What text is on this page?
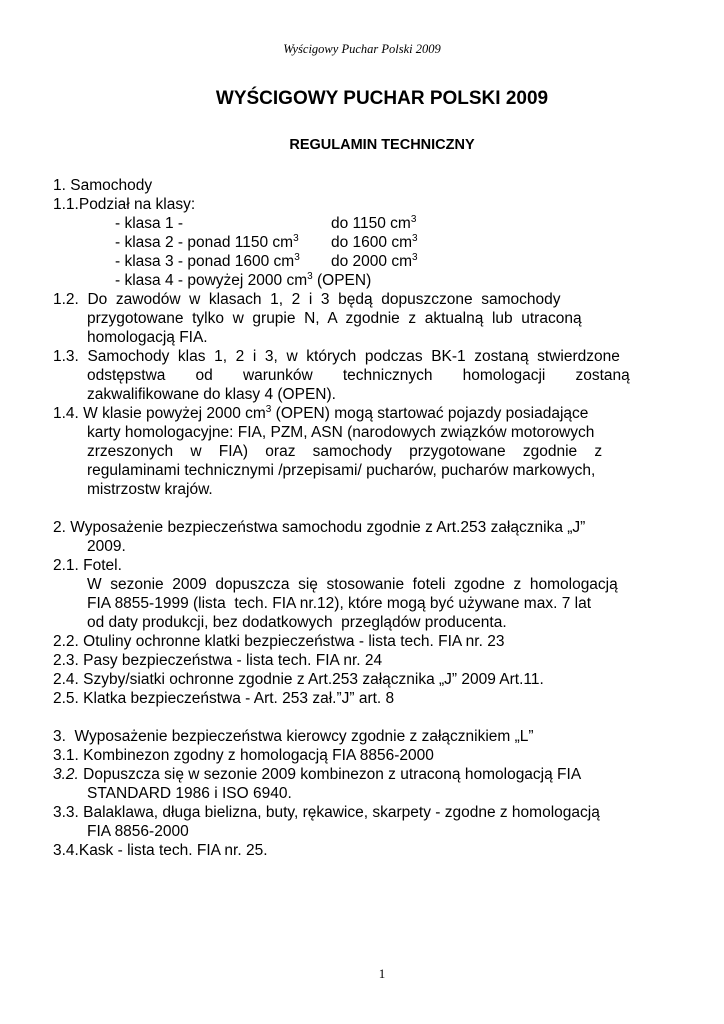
Wyścigowy Puchar Polski 2009
WYŚCIGOWY PUCHAR POLSKI 2009
REGULAMIN TECHNICZNY
1. Samochody
1.1.Podział na klasy:
- klasa 1 -	do 1150 $cm^3$
- klasa 2 - ponad 1150 $cm^3$ do 1600 $cm^3$
- klasa 3 - ponad 1600 $cm^3$ do 2000 $cm^3$
- klasa 4 - powyżej 2000 $cm^3$ (OPEN)
1.2.  Do  zawodów  w  klasach  1,  2  i  3  będą  dopuszczone  samochody
przygotowane  tylko  w  grupie  N,  A  zgodnie  z  aktualną  lub  utraconą
homologacją FIA.
1.3.  Samochody  klas  1,  2  i  3,  w  których  podczas  BK-1  zostaną  stwierdzone
odstępstwa       od       warunków       technicznych       homologacji       zostaną
zakwalifikowane do klasy 4 (OPEN).
1.4. W klasie powyżej 2000 $cm^3$ (OPEN) mogą startować pojazdy posiadające
karty homologacyjne: FIA, PZM, ASN (narodowych związków motorowych
zrzeszonych    w    FIA)    oraz    samochody    przygotowane    zgodnie    z
regulaminami technicznymi /przepisami/ pucharów, pucharów markowych,
mistrzostw krajów.
2. Wyposażenie bezpieczeństwa samochodu zgodnie z Art.253 załącznika „J”
2009.
2.1. Fotel.
W  sezonie  2009  dopuszcza  się  stosowanie  foteli  zgodne  z  homologacją
FIA 8855-1999 (lista  tech. FIA nr.12), które mogą być używane max. 7 lat
od daty produkcji, bez dodatkowych  przeglądów producenta.
2.2. Otuliny ochronne klatki bezpieczeństwa - lista tech. FIA nr. 23
2.3. Pasy bezpieczeństwa - lista tech. FIA nr. 24
2.4. Szyby/siatki ochronne zgodnie z Art.253 załącznika „J” 2009 Art.11.
2.5. Klatka bezpieczeństwa - Art. 253 zał.”J” art. 8
3.  Wyposażenie bezpieczeństwa kierowcy zgodnie z załącznikiem „L”
3.1. Kombinezon zgodny z homologacją FIA 8856-2000
3.2. Dopuszcza się w sezonie 2009 kombinezon z utraconą homologacją FIA
STANDARD 1986 i ISO 6940.
3.3. Balaklawa, długa bielizna, buty, rękawice, skarpety - zgodne z homologacją
FIA 8856-2000
3.4.Kask - lista tech. FIA nr. 25.
1
